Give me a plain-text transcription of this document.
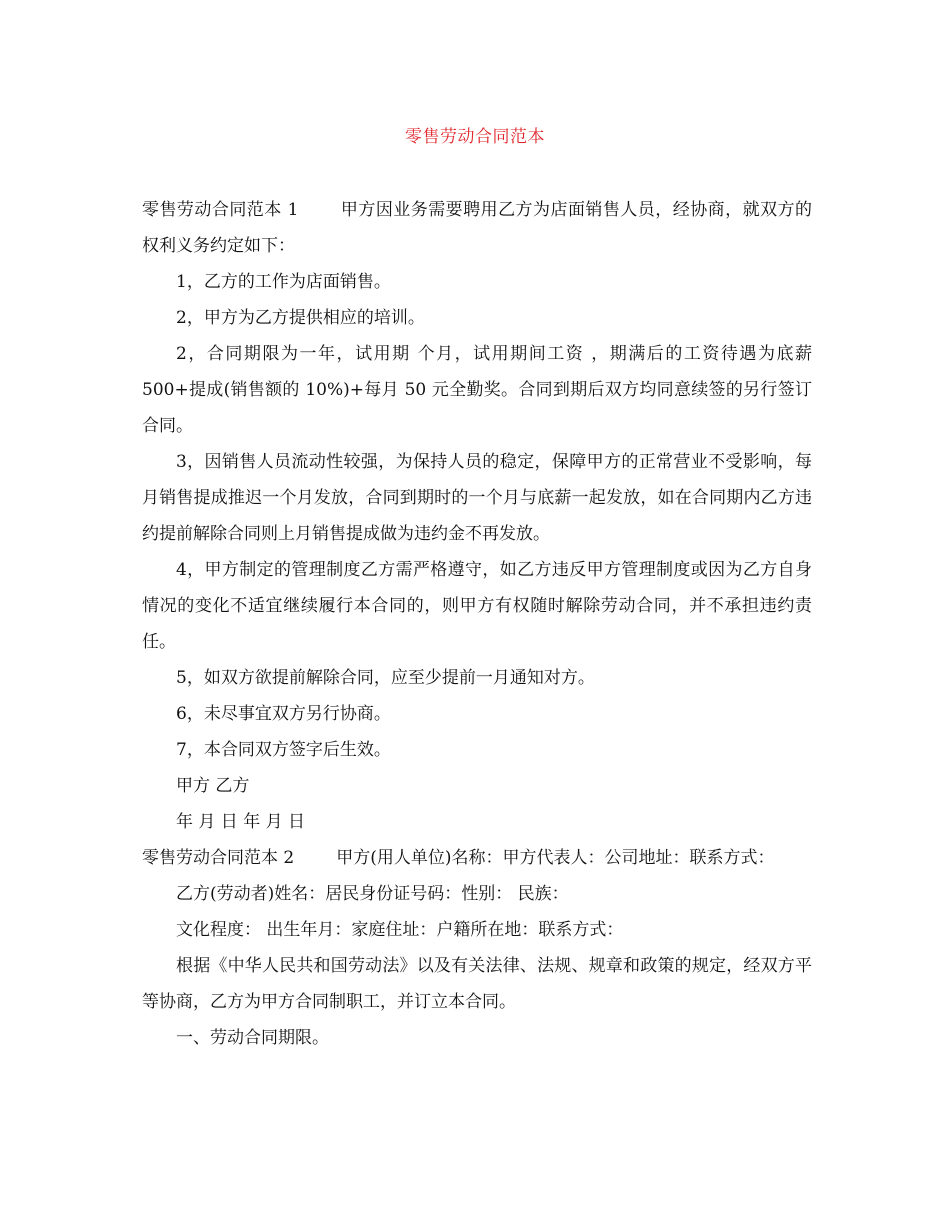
零售劳动合同范本

零售劳动合同范本 1 甲方因业务需要聘用乙方为店面销售人员，经协商，就双方的权利义务约定如下：

1，乙方的工作为店面销售。

2，甲方为乙方提供相应的培训。

2，合同期限为一年，试用期 个月，试用期间工资 ，期满后的工资待遇为底薪 500+提成(销售额的 10%)+每月 50 元全勤奖。合同到期后双方均同意续签的另行签订合同。

3，因销售人员流动性较强，为保持人员的稳定，保障甲方的正常营业不受影响，每月销售提成推迟一个月发放，合同到期时的一个月与底薪一起发放，如在合同期内乙方违约提前解除合同则上月销售提成做为违约金不再发放。

4，甲方制定的管理制度乙方需严格遵守，如乙方违反甲方管理制度或因为乙方自身情况的变化不适宜继续履行本合同的，则甲方有权随时解除劳动合同，并不承担违约责任。

5，如双方欲提前解除合同，应至少提前一月通知对方。

6，未尽事宜双方另行协商。

7，本合同双方签字后生效。

甲方 乙方

年 月 日 年 月 日

零售劳动合同范本 2 甲方(用人单位)名称：甲方代表人：公司地址：联系方式：

乙方(劳动者)姓名：居民身份证号码：性别： 民族：

文化程度： 出生年月：家庭住址：户籍所在地：联系方式：

根据《中华人民共和国劳动法》以及有关法律、法规、规章和政策的规定，经双方平等协商，乙方为甲方合同制职工，并订立本合同。

一、劳动合同期限。
